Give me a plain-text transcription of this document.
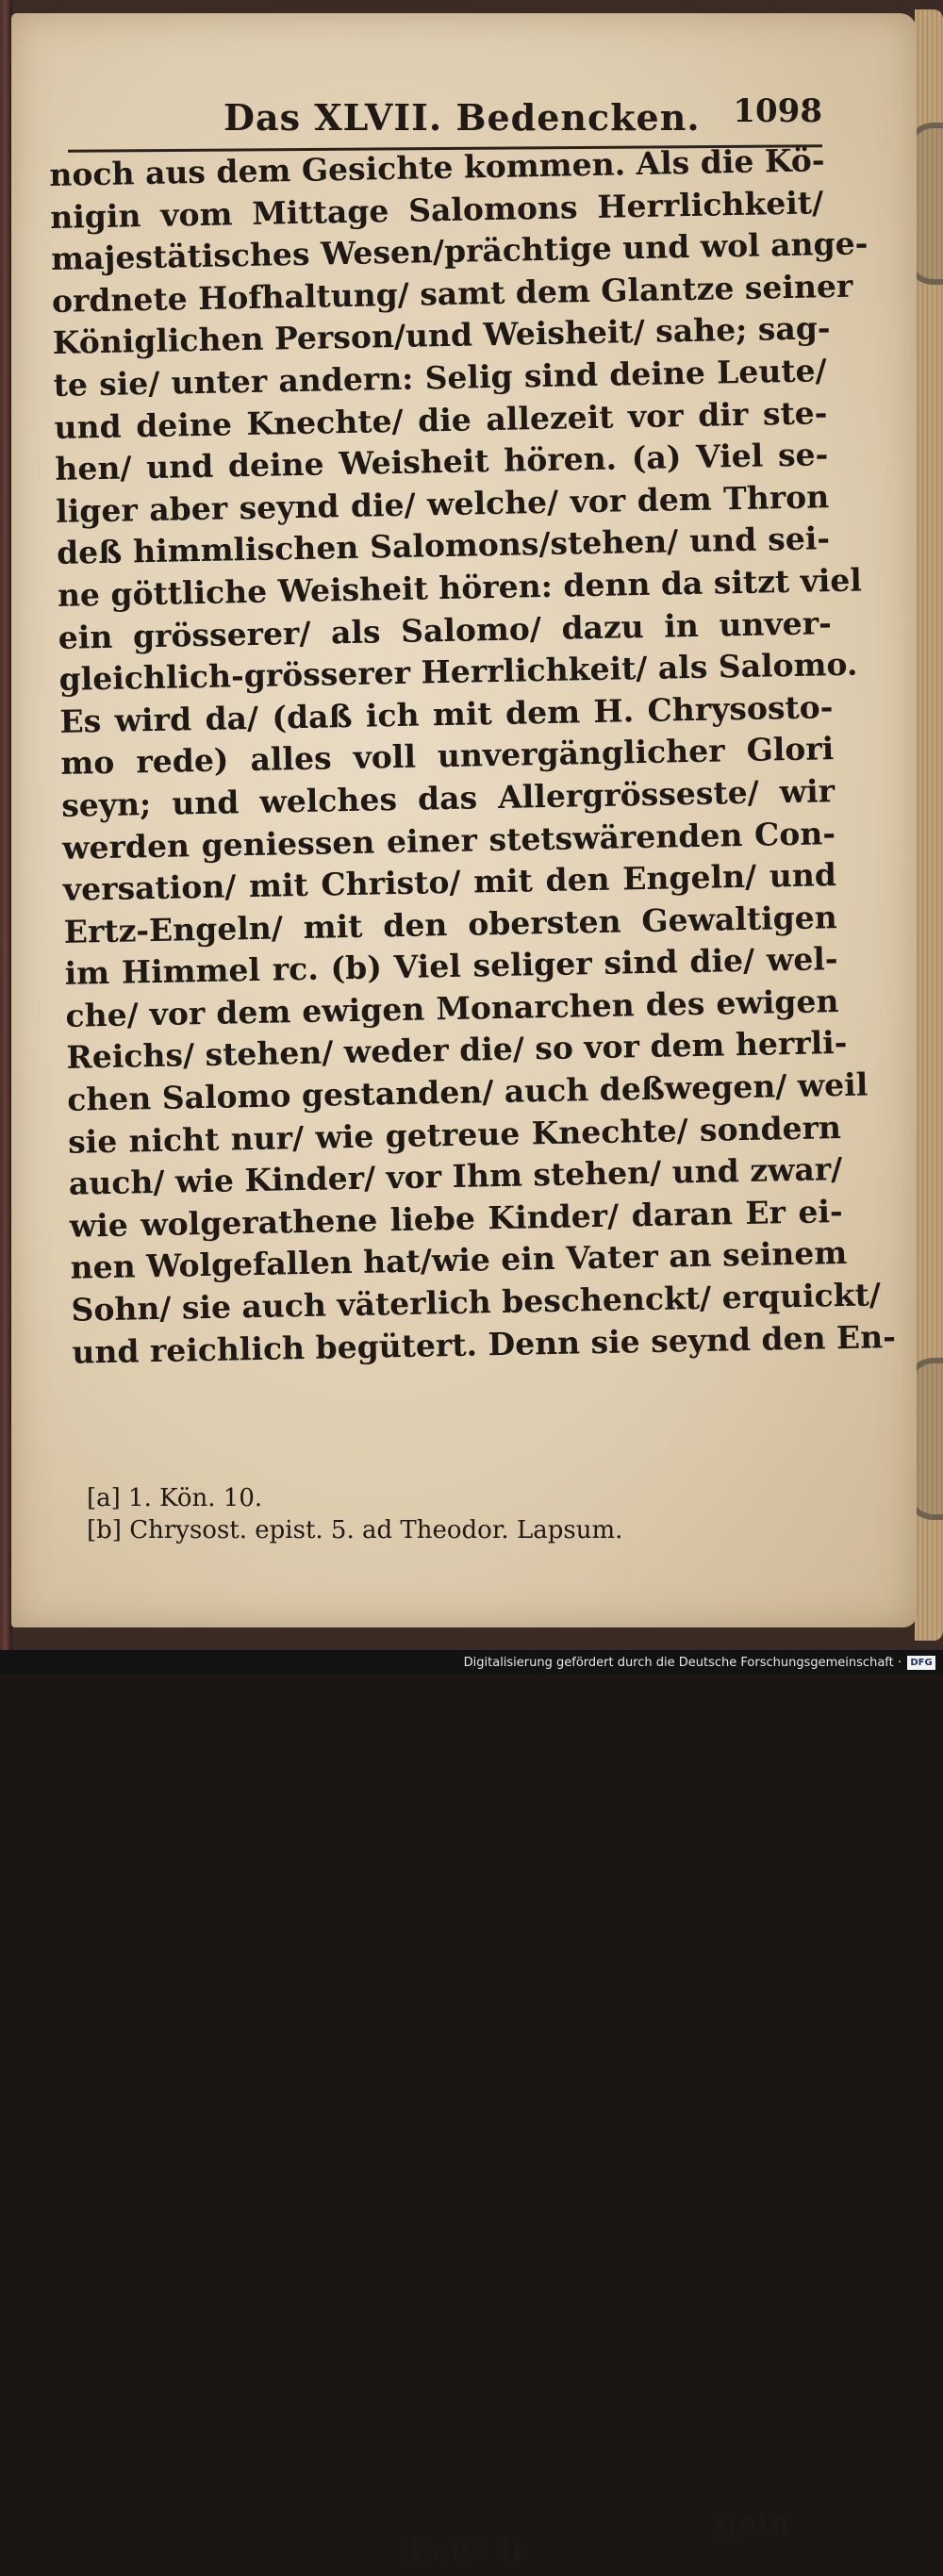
Das XLVII. Bedencken. 1098
noch aus dem Gesichte kommen. Als die Kö-
nigin vom Mittage Salomons Herrlichkeit/
majestätisches Wesen/prächtige und wol ange-
ordnete Hofhaltung/ samt dem Glantze seiner
Königlichen Person/und Weisheit/ sahe; sag-
te sie/ unter andern: Selig sind deine Leute/
und deine Knechte/ die allezeit vor dir ste-
hen/ und deine Weisheit hören. (a) Viel se-
liger aber seynd die/ welche/ vor dem Thron
deß himmlischen Salomons/stehen/ und sei-
ne göttliche Weisheit hören: denn da sitzt viel
ein grösserer/ als Salomo/ dazu in unver-
gleichlich-grösserer Herrlichkeit/ als Salomo.
Es wird da/ (daß ich mit dem H. Chrysosto-
mo rede) alles voll unvergänglicher Glori
seyn; und welches das Allergrösseste/ wir
werden geniessen einer stetswärenden Con-
versation/ mit Christo/ mit den Engeln/ und
Ertz-Engeln/ mit den obersten Gewaltigen
im Himmel rc. (b) Viel seliger sind die/ wel-
che/ vor dem ewigen Monarchen des ewigen
Reichs/ stehen/ weder die/ so vor dem herrli-
chen Salomo gestanden/ auch deßwegen/ weil
sie nicht nur/ wie getreue Knechte/ sondern
auch/ wie Kinder/ vor Ihm stehen/ und zwar/
wie wolgerathene liebe Kinder/ daran Er ei-
nen Wolgefallen hat/wie ein Vater an seinem
Sohn/ sie auch väterlich beschenckt/ erquickt/
und reichlich begütert. Denn sie seynd den En-
Eeee ij
geln
[a] 1. Kön. 10.
[b] Chrysost. epist. 5. ad Theodor. Lapsum.
Digitalisierung gefördert durch die Deutsche Forschungsgemeinschaft · DFG
